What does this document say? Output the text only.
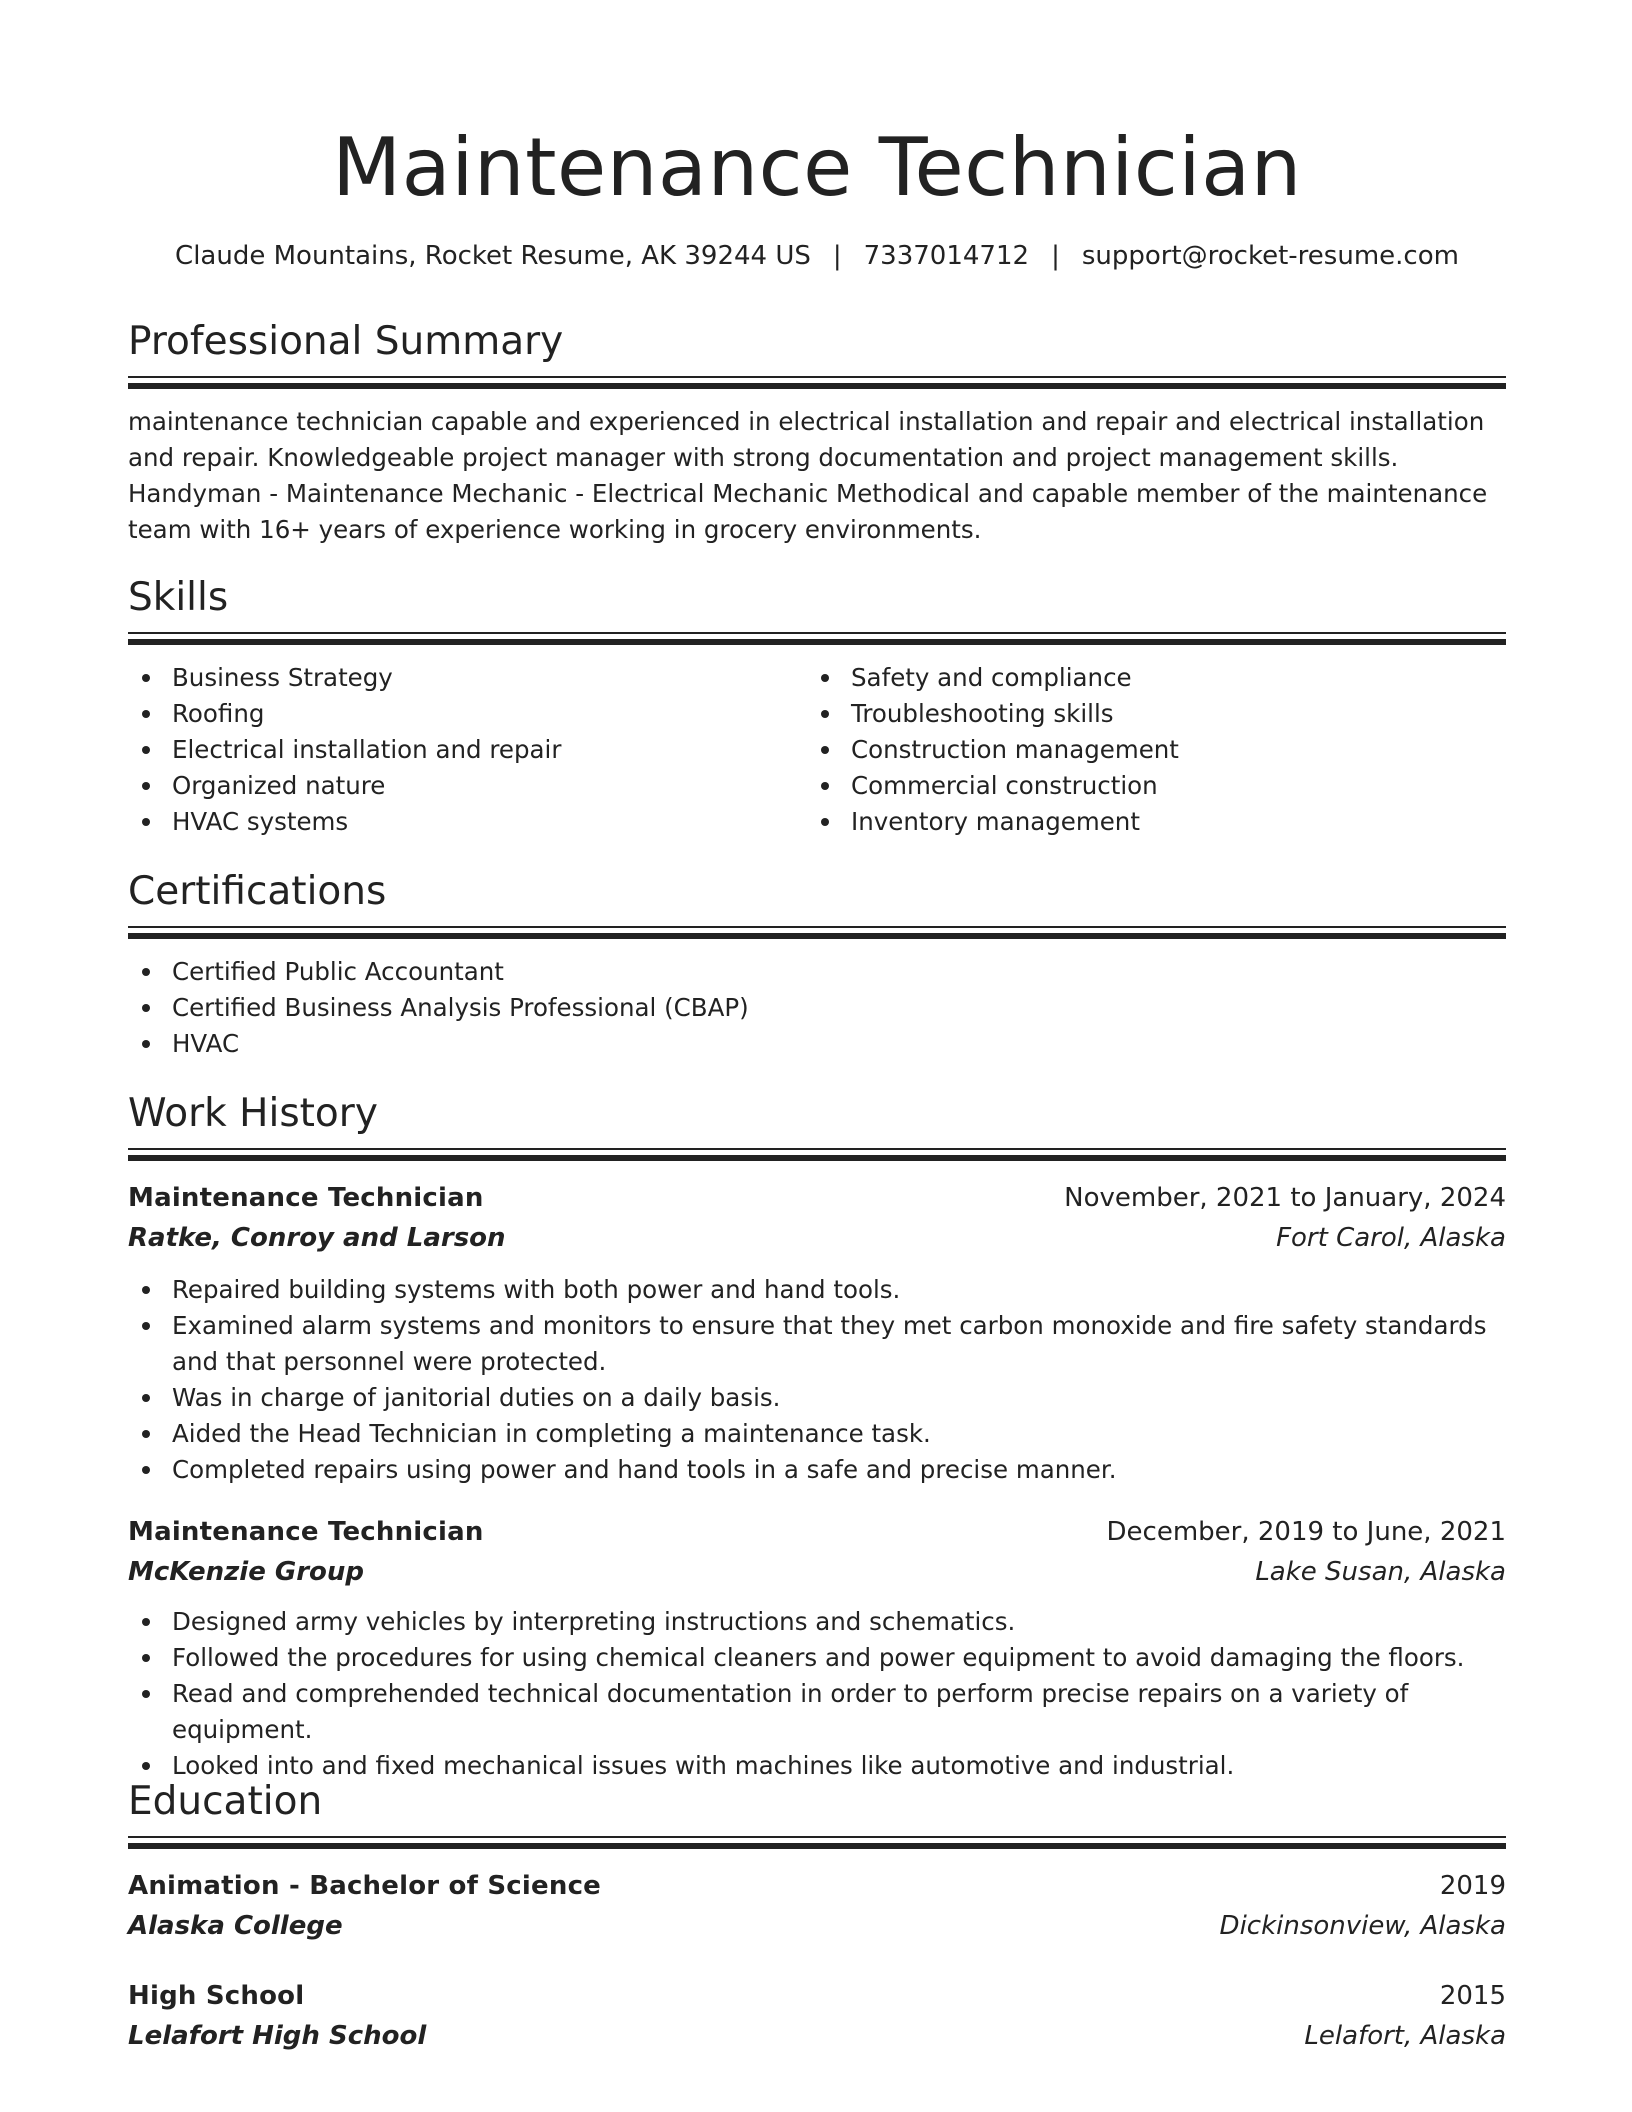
Maintenance Technician
Claude Mountains, Rocket Resume, AK 39244 US | 7337014712 | support@rocket-resume.com
Professional Summary

maintenance technician capable and experienced in electrical installation and repair and electrical installation and repair. Knowledgeable project manager with strong documentation and project management skills. Handyman - Maintenance Mechanic - Electrical Mechanic Methodical and capable member of the maintenance team with 16+ years of experience working in grocery environments.

Skills
Business Strategy
Roofing
Electrical installation and repair
Organized nature
HVAC systems
Safety and compliance
Troubleshooting skills
Construction management
Commercial construction
Inventory management
Certifications
Certified Public Accountant
Certified Business Analysis Professional (CBAP)
HVAC
Work History
Maintenance Technician	November, 2021 to January, 2024
Ratke, Conroy and Larson	Fort Carol, Alaska
Repaired building systems with both power and hand tools.
Examined alarm systems and monitors to ensure that they met carbon monoxide and fire safety standards and that personnel were protected.
Was in charge of janitorial duties on a daily basis.
Aided the Head Technician in completing a maintenance task.
Completed repairs using power and hand tools in a safe and precise manner.
Maintenance Technician	December, 2019 to June, 2021
McKenzie Group	Lake Susan, Alaska
Designed army vehicles by interpreting instructions and schematics.
Followed the procedures for using chemical cleaners and power equipment to avoid damaging the floors.
Read and comprehended technical documentation in order to perform precise repairs on a variety of equipment.
Looked into and fixed mechanical issues with machines like automotive and industrial.
Education
Animation - Bachelor of Science	2019
Alaska College	Dickinsonview, Alaska
High School	2015
Lelafort High School	Lelafort, Alaska
